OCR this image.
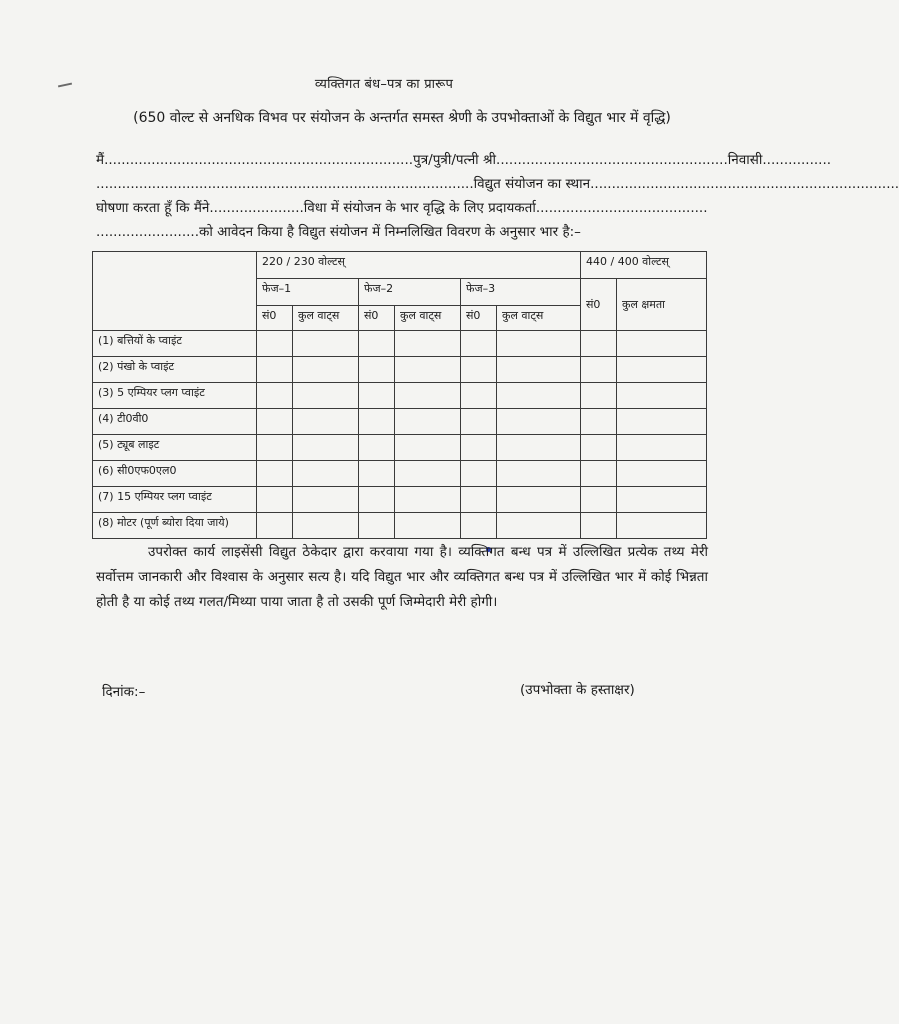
व्यक्तिगत बंध–पत्र का प्रारूप
(650 वोल्ट से अनधिक विभव पर संयोजन के अन्तर्गत समस्त श्रेणी के उपभोक्ताओं के विद्युत भार में वृद्धि)
मैं........................................................................पुत्र/पुत्री/पत्नी श्री......................................................निवासी................
........................................................................................विद्युत संयोजन का स्थान........................................................................
घोषणा करता हूँ कि मैंने......................विधा में संयोजन के भार वृद्धि के लिए प्रदायकर्ता........................................
........................को आवेदन किया है विद्युत संयोजन में निम्नलिखित विवरण के अनुसार भार है:–
	220 / 230 वोल्टस्						440 / 400 वोल्टस्	
	फेज–1		फेज–2		फेज–3		सं0	कुल क्षमता
	सं0	कुल वाट्स	सं0	कुल वाट्स	सं0	कुल वाट्स		
(1) बत्तियों के प्वाइंट								
(2) पंखो के प्वाइंट								
(3) 5 एम्पियर प्लग प्वाइंट								
(4) टी0वी0								
(5) ट्यूब लाइट								
(6) सी0एफ0एल0								
(7) 15 एम्पियर प्लग प्वाइंट								
(8) मोटर (पूर्ण ब्योरा दिया जाये)								
उपरोक्त कार्य लाइसेंसी विद्युत ठेकेदार द्वारा करवाया गया है। व्यक्तिगत बन्ध पत्र में उल्लिखित प्रत्येक तथ्य मेरी सर्वोत्तम जानकारी और विश्वास के अनुसार सत्य है। यदि विद्युत भार और व्यक्तिगत बन्ध पत्र में उल्लिखित भार में कोई भिन्नता होती है या कोई तथ्य गलत/मिथ्या पाया जाता है तो उसकी पूर्ण जिम्मेदारी मेरी होगी।
दिनांक:–	(उपभोक्ता के हस्ताक्षर)
